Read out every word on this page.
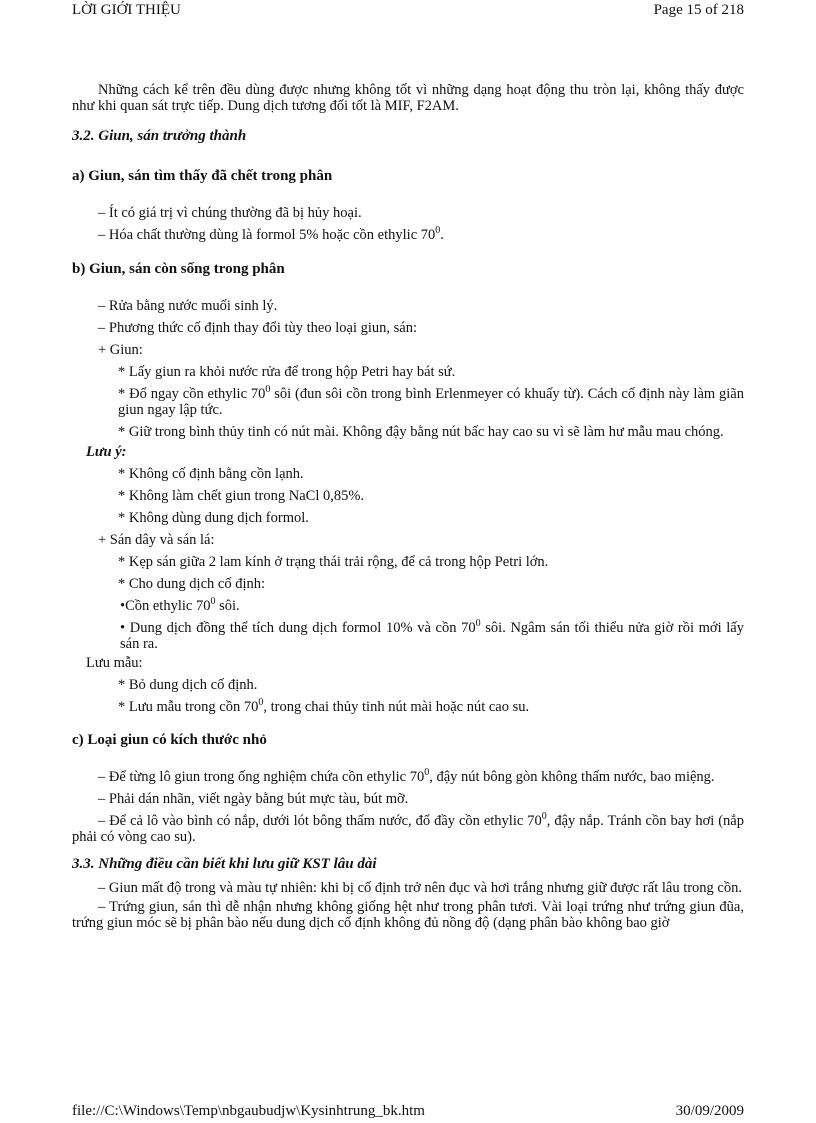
LỜI GIỚI THIỆU	Page 15 of 218

Những cách kể trên đều dùng được nhưng không tốt vì những dạng hoạt động thu tròn lại, không thấy được như khi quan sát trực tiếp. Dung dịch tương đối tốt là MIF, F2AM.

3.2. Giun, sán trưởng thành

a) Giun, sán tìm thấy đã chết trong phân

– Ít có giá trị vì chúng thường đã bị hủy hoại.

– Hóa chất thường dùng là formol 5% hoặc cồn ethylic $70^0$.

b) Giun, sán còn sống trong phân

– Rửa bằng nước muối sinh lý.

– Phương thức cố định thay đổi tùy theo loại giun, sán:

+ Giun:

* Lấy giun ra khỏi nước rửa để trong hộp Petri hay bát sứ.

* Đổ ngay cồn ethylic $70^0$ sôi (đun sôi cồn trong bình Erlenmeyer có khuấy từ). Cách cố định này làm giãn giun ngay lập tức.

* Giữ trong bình thủy tinh có nút mài. Không đậy bằng nút bấc hay cao su vì sẽ làm hư mẫu mau chóng.

Lưu ý:

* Không cố định bằng cồn lạnh.

* Không làm chết giun trong NaCl 0,85%.

* Không dùng dung dịch formol.

+ Sán dây và sán lá:

* Kẹp sán giữa 2 lam kính ở trạng thái trải rộng, để cả trong hộp Petri lớn.

* Cho dung dịch cố định:

•Cồn ethylic $70^0$ sôi.

• Dung dịch đồng thể tích dung dịch formol 10% và cồn $70^0$ sôi. Ngâm sán tối thiểu nửa giờ rồi mới lấy sán ra.

Lưu mẫu:

* Bỏ dung dịch cố định.

* Lưu mẫu trong cồn $70^0$, trong chai thủy tinh nút mài hoặc nút cao su.

c) Loại giun có kích thước nhỏ

– Để từng lô giun trong ống nghiệm chứa cồn ethylic $70^0$, đậy nút bông gòn không thấm nước, bao miệng.

– Phải dán nhãn, viết ngày bằng bút mực tàu, bút mỡ.

– Để cả lô vào bình có nắp, dưới lót bông thấm nước, đổ đầy cồn ethylic $70^0$, đậy nắp. Tránh cồn bay hơi (nắp phải có vòng cao su).

3.3. Những điều cần biết khi lưu giữ KST lâu dài

– Giun mất độ trong và màu tự nhiên: khi bị cố định trở nên đục và hơi trắng nhưng giữ được rất lâu trong cồn.

– Trứng giun, sán thì dễ nhận nhưng không giống hệt như trong phân tươi. Vài loại trứng như trứng giun đũa, trứng giun móc sẽ bị phân bào nếu dung dịch cố định không đủ nồng độ (dạng phân bào không bao giờ

file://C:\Windows\Temp\nbgaubudjw\Kysinhtrung_bk.htm	30/09/2009
